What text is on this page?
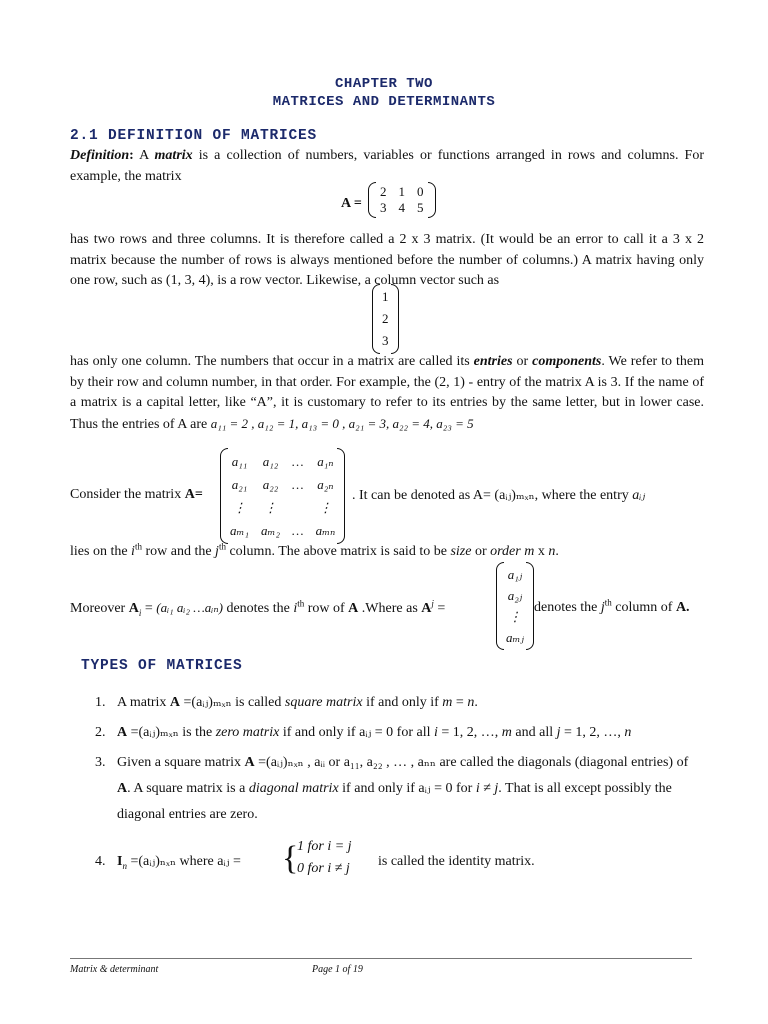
CHAPTER TWO
MATRICES AND DETERMINANTS
2.1 DEFINITION OF MATRICES
Definition: A matrix is a collection of numbers, variables or functions arranged in rows and columns. For example, the matrix
A =
2	1	0
3	4	5
has two rows and three columns. It is therefore called a 2 x 3 matrix. (It would be an error to call it a 3 x 2 matrix because the number of rows is always mentioned before the number of columns.) A matrix having only one row, such as (1, 3, 4), is a row vector. Likewise, a column vector such as
1
2
3
has only one column. The numbers that occur in a matrix are called its entries or components. We refer to them by their row and column number, in that order. For example, the (2, 1) - entry of the matrix A is 3. If the name of a matrix is a capital letter, like “A”, it is customary to refer to its entries by the same letter, but in lower case. Thus the entries of A are a₁₁ = 2 , a₁₂ = 1, a₁₃ = 0 , a₂₁ = 3, a₂₂ = 4, a₂₃ = 5
Consider the matrix A=
a₁₁	a₁₂	…	a₁ₙ
a₂₁	a₂₂	…	a₂ₙ
⋮	⋮		⋮
aₘ₁	aₘ₂	…	aₘₙ
. It can be denoted as A= (aᵢⱼ)ₘₓₙ, where the entry aᵢⱼ
lies on the $i^{th}$ row and the $j^{th}$ column. The above matrix is said to be size or order m x n.
Moreover $A_i$ = (aᵢ₁ aᵢ₂ …aᵢₙ) denotes the $i^{th}$ row of A .Where as $A^j$ =
a₁ⱼ
a₂ⱼ
⋮
aₘⱼ
denotes the $j^{th}$ column of A.
TYPES OF MATRICES
1. A matrix A =(aᵢⱼ)ₘₓₙ is called square matrix if and only if m = n.
2. A =(aᵢⱼ)ₘₓₙ is the zero matrix if and only if aᵢⱼ = 0 for all i = 1, 2, …, m and all j = 1, 2, …, n
3. Given a square matrix A =(aᵢⱼ)ₙₓₙ , aᵢᵢ or a₁₁, a₂₂ , … , aₙₙ are called the diagonals (diagonal entries) of A. A square matrix is a diagonal matrix if and only if aᵢⱼ = 0 for i ≠ j. That is all except possibly the diagonal entries are zero.
4. $I_n$ =(aᵢⱼ)ₙₓₙ where aᵢⱼ = {
1 for i = j
0 for i ≠ j is called the identity matrix.
Matrix & determinant	Page 1 of 19
